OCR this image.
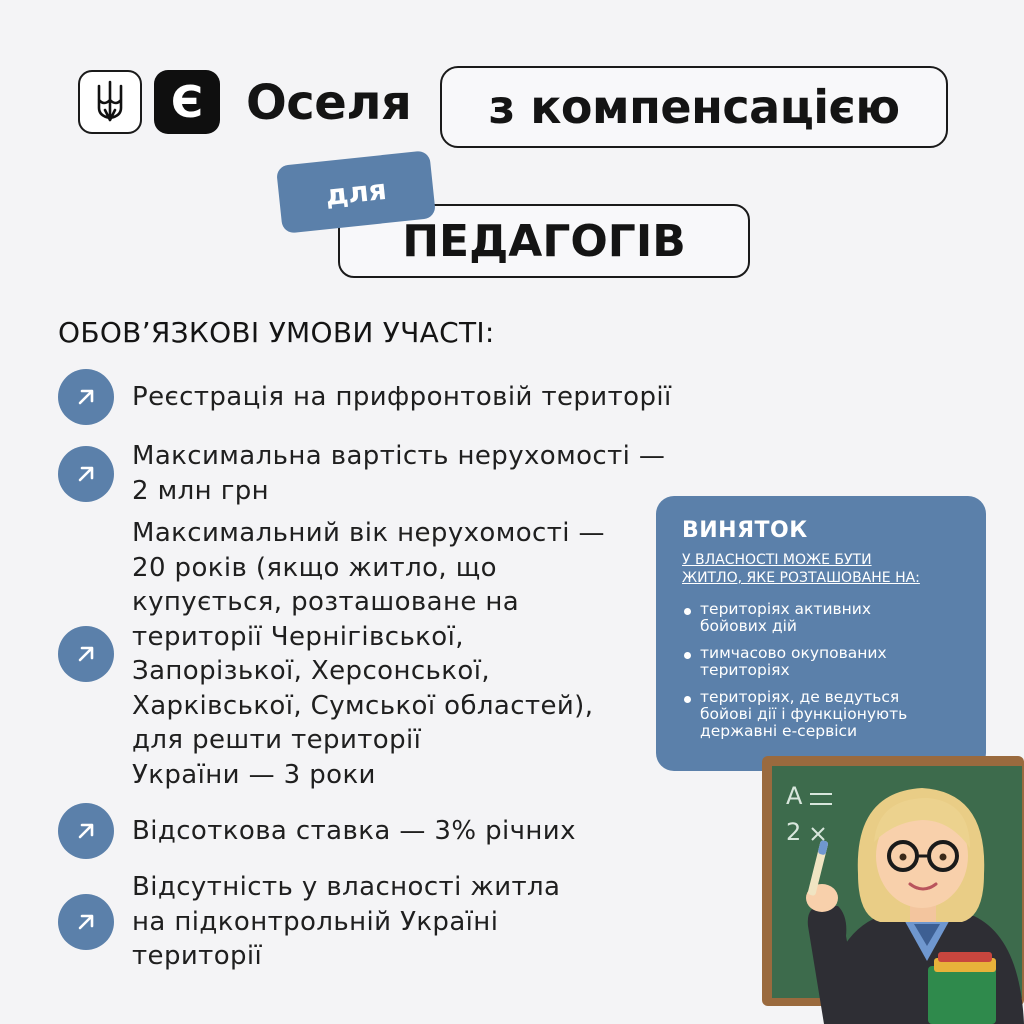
Є Оселя з компенсацією
для
ПЕДАГОГІВ
ОБОВ’ЯЗКОВІ УМОВИ УЧАСТІ:
Реєстрація на прифронтовій території
Максимальна вартість нерухомості —
2 млн грн
Максимальний вік нерухомості —
20 років (якщо житло, що
купується, розташоване на
території Чернігівської,
Запорізької, Херсонської,
Харківської, Сумської областей),
для решти території
України — 3 роки
Відсоткова ставка — 3% річних
Відсутність у власності житла
на підконтрольній Україні
території
ВИНЯТОК
У ВЛАСНОСТІ МОЖЕ БУТИ
ЖИТЛО, ЯКЕ РОЗТАШОВАНЕ НА:
територіях активних
бойових дій
тимчасово окупованих
територіях
територіях, де ведуться
бойові дії і функціонують
державні е-сервіси
A
2
